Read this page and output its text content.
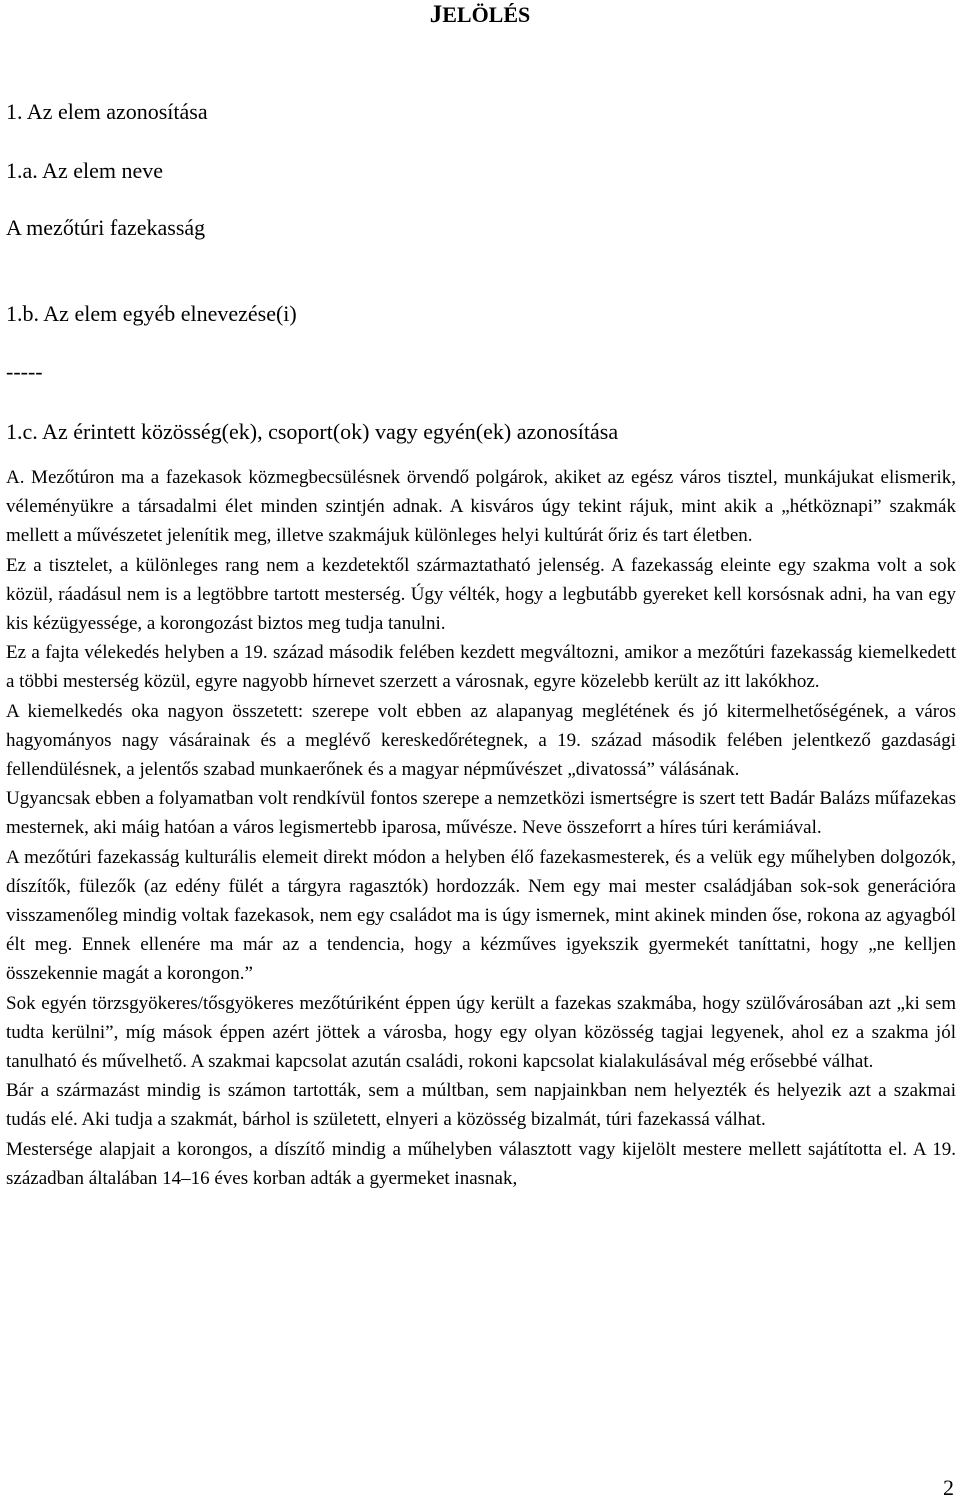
JELÖLÉS
1. Az elem azonosítása
1.a. Az elem neve
A mezőtúri fazekasság
1.b. Az elem egyéb elnevezése(i)
-----
1.c. Az érintett közösség(ek), csoport(ok) vagy egyén(ek) azonosítása

A. Mezőtúron ma a fazekasok közmegbecsülésnek örvendő polgárok, akiket az egész város tisztel, munkájukat elismerik, véleményükre a társadalmi élet minden szintjén adnak. A kisváros úgy tekint rájuk, mint akik a „hétköznapi” szakmák mellett a művészetet jelenítik meg, illetve szakmájuk különleges helyi kultúrát őriz és tart életben.

Ez a tisztelet, a különleges rang nem a kezdetektől származtatható jelenség. A fazekasság eleinte egy szakma volt a sok közül, ráadásul nem is a legtöbbre tartott mesterség. Úgy vélték, hogy a legbutább gyereket kell korsósnak adni, ha van egy kis kézügyessége, a korongozást biztos meg tudja tanulni.

Ez a fajta vélekedés helyben a 19. század második felében kezdett megváltozni, amikor a mezőtúri fazekasság kiemelkedett a többi mesterség közül, egyre nagyobb hírnevet szerzett a városnak, egyre közelebb került az itt lakókhoz.

A kiemelkedés oka nagyon összetett: szerepe volt ebben az alapanyag meglétének és jó kitermelhetőségének, a város hagyományos nagy vásárainak és a meglévő kereskedőrétegnek, a 19. század második felében jelentkező gazdasági fellendülésnek, a jelentős szabad munkaerőnek és a magyar népművészet „divatossá” válásának.

Ugyancsak ebben a folyamatban volt rendkívül fontos szerepe a nemzetközi ismertségre is szert tett Badár Balázs műfazekas mesternek, aki máig hatóan a város legismertebb iparosa, művésze. Neve összeforrt a híres túri kerámiával.

A mezőtúri fazekasság kulturális elemeit direkt módon a helyben élő fazekasmesterek, és a velük egy műhelyben dolgozók, díszítők, fülezők (az edény fülét a tárgyra ragasztók) hordozzák. Nem egy mai mester családjában sok-sok generációra visszamenőleg mindig voltak fazekasok, nem egy családot ma is úgy ismernek, mint akinek minden őse, rokona az agyagból élt meg. Ennek ellenére ma már az a tendencia, hogy a kézműves igyekszik gyermekét taníttatni, hogy „ne kelljen összekennie magát a korongon.”

Sok egyén törzsgyökeres/tősgyökeres mezőtúriként éppen úgy került a fazekas szakmába, hogy szülővárosában azt „ki sem tudta kerülni”, míg mások éppen azért jöttek a városba, hogy egy olyan közösség tagjai legyenek, ahol ez a szakma jól tanulható és művelhető. A szakmai kapcsolat azután családi, rokoni kapcsolat kialakulásával még erősebbé válhat.

Bár a származást mindig is számon tartották, sem a múltban, sem napjainkban nem helyezték és helyezik azt a szakmai tudás elé. Aki tudja a szakmát, bárhol is született, elnyeri a közösség bizalmát, túri fazekassá válhat.

Mestersége alapjait a korongos, a díszítő mindig a műhelyben választott vagy kijelölt mestere mellett sajátította el. A 19. században általában 14–16 éves korban adták a gyermeket inasnak,

2
